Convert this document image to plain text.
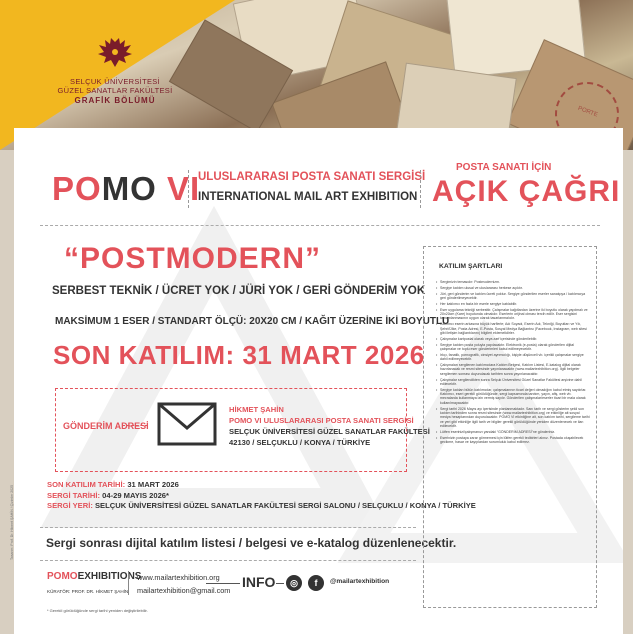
SELÇUK ÜNİVERSİTESİ
GÜZEL SANATLAR FAKÜLTESİ
GRAFİK BÖLÜMÜ
PORTE
POMO VI
ULUSLARARASI POSTA SANATI SERGİSİ
INTERNATIONAL MAIL ART EXHIBITION
POSTA SANATI İÇİN
AÇIK ÇAĞRI
“POSTMODERN”
SERBEST TEKNİK / ÜCRET YOK / JÜRİ YOK / GERİ GÖNDERİM YOK
MAKSİMUM 1 ESER / STANDART ÖLÇÜ: 20X20 CM / KAĞIT ÜZERİNE İKİ BOYUTLU
SON KATILIM: 31 MART 2026
GÖNDERİM ADRESİ
HİKMET ŞAHİN
POMO VI ULUSLARARASI POSTA SANATI SERGİSİ
SELÇUK ÜNİVERSİTESİ GÜZEL SANATLAR FAKÜLTESİ
42130 / SELÇUKLU / KONYA / TÜRKİYE
SON KATILIM TARİHİ: 31 MART 2026
SERGİ TARİHİ: 04-29 MAYIS 2026*
SERGİ YERİ: SELÇUK ÜNİVERSİTESİ GÜZEL SANATLAR FAKÜLTESİ SERGİ SALONU / SELÇUKLU / KONYA / TÜRKİYE
Sergi sonrası dijital katılım listesi / belgesi ve e-katalog düzenlenecektir.
POMOEXHIBITIONS
KÜRATÖR: PROF. DR. HİKMET ŞAHİN
www.mailartexhibition.org
mailartexhibition@gmail.com
INFO	◎	f	@mailartexhibition
* Gerekli görüldüğünde sergi tarihi yeniden değiştirilebilir.
Tasarım: Prof. Dr. Hikmet ŞAHİN / Çizimler 2025
KATILIM ŞARTLARI
• Sergimizin temasıdır: Postmodernizm.
• Sergiye katılım ulusal ve uluslararası herkese açıktır.
• Jüri, geri gönderim ve katılım ücreti yoktur. Sergiye gönderilen eserler sanatçıya / katılımcıya geri gönderilmeyecektir.
• Her katılımcı en fazla bir eserle sergiye katılabilir.
• Eser uygulama tekniği serbesttir. Çalışmalar kağıtlardan üzerine iki boyutlu olarak yapılmalı ve 20x20cm (Kare) boyutunda olmalıdır. Eserlerin orijinal olması tercih edilir. Eser sergisini tamamlanmasının uygun olarak tasarlanmalıdır.
• Katılımcı eserin arkasına büyük harflerle; Adı Soyadı, Eserin Adı, Tekniği, Boyutları ve Yılı, Şehri/Ülke, Posta Adresi, E-Posta, Sosyal Medya Bağlantısı (Facebook, Instagram, web sitesi gibi iletişim bağlantılarını) bilgileri eklemelidirler.
• Çalışmalar kartpostal olarak veya zarf içerisinde gönderilebilir.
• Sergiye katılım posta yoluyla yapılacaktır. Elektronik (e-posta) olarak gönderilen dijital çalışmalar ve toplu eser gönderimleri kabul edilmeyecektir.
• Irkçı, fanatik, pornografik, cinsiyet ayrımcılığı, kişiyle düşünceli vb. içerikli çalışmalar sergiye dahil edilmeyecektir.
• Çalışmaları sergilenen katılımcılara Katılım Belgesi, Katılım Listesi, E-katalog dijital olarak hazırlanacak ve resmi sitesinde yayınlanacaktır (www.mailartexhibition.org). İlgili belgeler sergilemen sonrası duyurulacak tarihten sonra yayınlanacaktır.
• Çalışmalar sergilendikten sonra Selçuk Üniversitesi Güzel Sanatlar Fakültesi arşivine dahil edilecektir.
• Sergiye katılan bütün katılımcılar, çalışmalarının ticari değeri olmadığını kabul etmiş sayılırlar. Katılımcı, eseri gerekli görüldüğünde, sergi kapsamında tanıtım, yayın, afiş, web vb. mecralarda kullanmaya izin vermiş sayılır. Gönderilen çalışmalar/eserler ticari bir mala olarak kullanılmayacaktır.
• Sergi tarihi 2026 Mayıs ayı içerisinde planlanmaktadır. Sanı tarih ve sergi gösterim şekli son katılım tarihinden sonra resmi sitesinde (www.mailartexhibition.org) ve etkinliğe ait sosyal medya hesaplarından duyurulacaktır. POMO VI etkinliğine ait, son katılım tarihi, sergileme tarihi ve yeri gibi etkinliğe ilgili tarih ve bilgiler gerekli görüldüğünde yeniden düzenlenecek ve ilan edilecektir.
• Lütfen eserinizi/çalışmanızı yandaki “GÖNDERİM ADRESİ”ne gönderiniz.
• Eserinizin postaya zarar görmemesi için lütfen gerekli tedbirleri alınız. Postada oluşabilecek gecikme, hasar ve kayıplardan sorumluluk kabul edilmez.
